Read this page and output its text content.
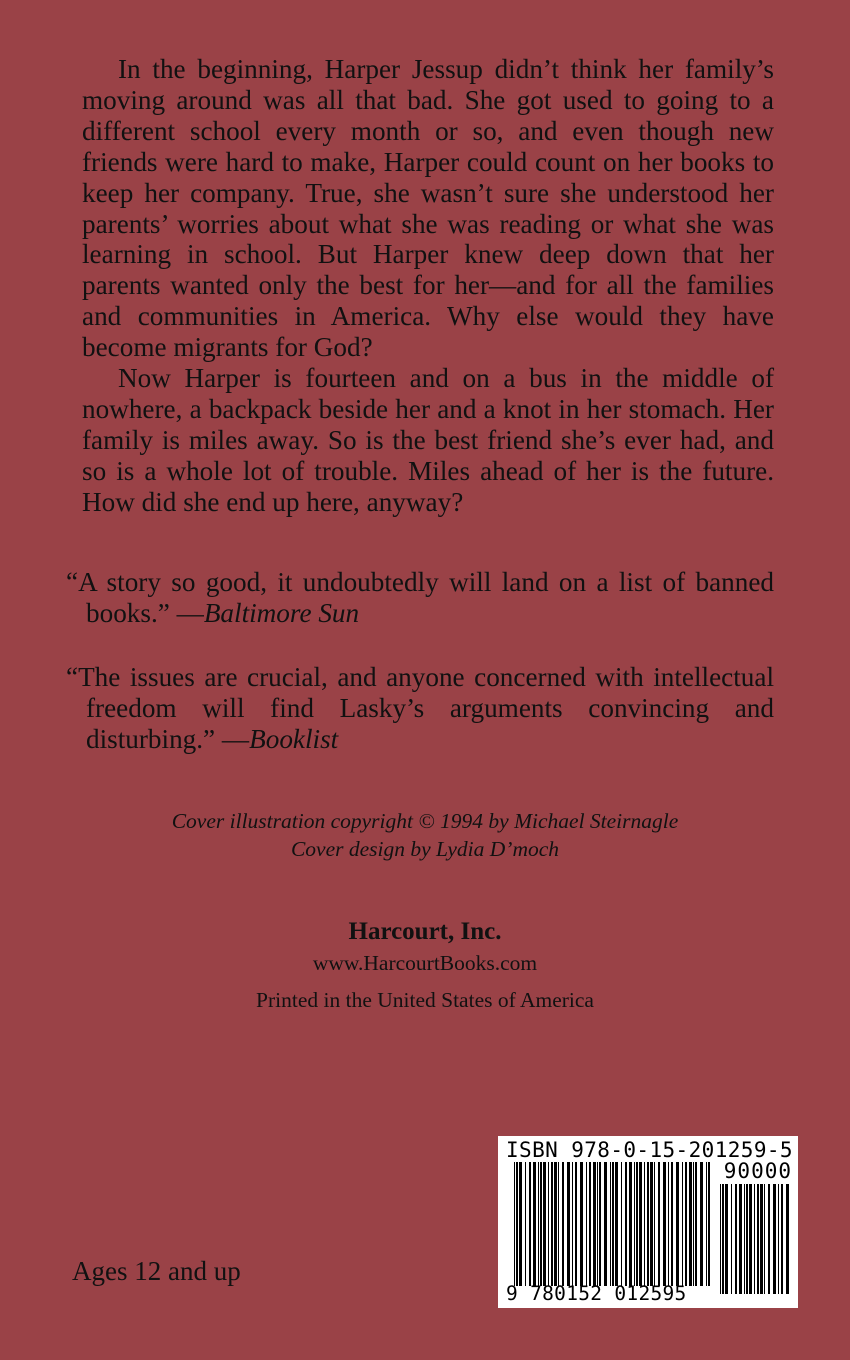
In the beginning, Harper Jessup didn’t think her family’s moving around was all that bad. She got used to going to a different school every month or so, and even though new friends were hard to make, Harper could count on her books to keep her company. True, she wasn’t sure she understood her parents’ worries about what she was reading or what she was learning in school. But Harper knew deep down that her parents wanted only the best for her—and for all the families and communities in America. Why else would they have become migrants for God?

Now Harper is fourteen and on a bus in the middle of nowhere, a backpack beside her and a knot in her stomach. Her family is miles away. So is the best friend she’s ever had, and so is a whole lot of trouble. Miles ahead of her is the future. How did she end up here, anyway?

“A story so good, it undoubtedly will land on a list of banned books.” —Baltimore Sun
“The issues are crucial, and anyone concerned with intellectual freedom will find Lasky’s arguments convincing and disturbing.” —Booklist
Cover illustration copyright © 1994 by Michael Steirnagle
Cover design by Lydia D’moch
Harcourt, Inc.
www.HarcourtBooks.com
Printed in the United States of America
Ages 12 and up
ISBN 978-0-15-201259-5
90000
9 780152 012595
